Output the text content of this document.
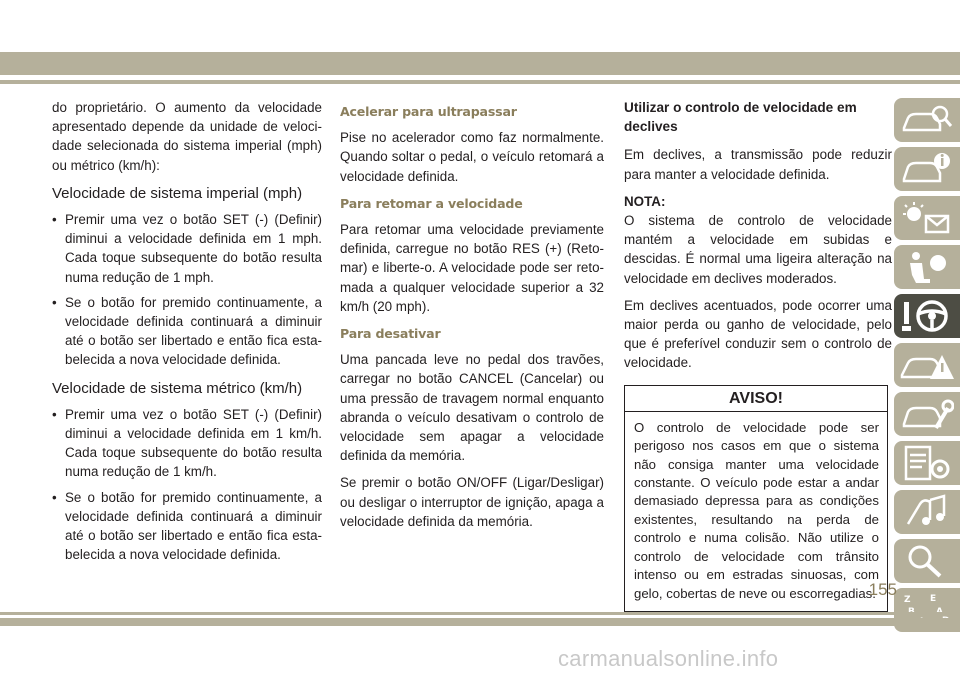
do proprietário. O aumento da velocidade apresentado depende da unidade de velocidade selecionada do sistema imperial (mph) ou métrico (km/h):

Velocidade de sistema imperial (mph)
• Premir uma vez o botão SET (-) (Definir) diminui a velocidade definida em 1 mph. Cada toque subsequente do botão resulta numa redução de 1 mph.
• Se o botão for premido continuamente, a velocidade definida continuará a diminuir até o botão ser libertado e então fica estabelecida a nova velocidade definida.
Velocidade de sistema métrico (km/h)
• Premir uma vez o botão SET (-) (Definir) diminui a velocidade definida em 1 km/h. Cada toque subsequente do botão resulta numa redução de 1 km/h.
• Se o botão for premido continuamente, a velocidade definida continuará a diminuir até o botão ser libertado e então fica estabelecida a nova velocidade definida.
Acelerar para ultrapassar

Pise no acelerador como faz normalmente. Quando soltar o pedal, o veículo retomará a velocidade definida.

Para retomar a velocidade

Para retomar uma velocidade previamente definida, carregue no botão RES (+) (Retomar) e liberte-o. A velocidade pode ser retomada a qualquer velocidade superior a 32 km/h (20 mph).

Para desativar

Uma pancada leve no pedal dos travões, carregar no botão CANCEL (Cancelar) ou uma pressão de travagem normal enquanto abranda o veículo desativam o controlo de velocidade sem apagar a velocidade definida da memória.

Se premir o botão ON/OFF (Ligar/Desligar) ou desligar o interruptor de ignição, apaga a velocidade definida da memória.

Utilizar o controlo de velocidade em declives

Em declives, a transmissão pode reduzir para manter a velocidade definida.

NOTA:
O sistema de controlo de velocidade mantém a velocidade em subidas e descidas. É normal uma ligeira alteração na velocidade em declives moderados.

Em declives acentuados, pode ocorrer uma maior perda ou ganho de velocidade, pelo que é preferível conduzir sem o controlo de velocidade.

AVISO!
O controlo de velocidade pode ser perigoso nos casos em que o sistema não consiga manter uma velocidade constante. O veículo pode estar a andar demasiado depressa para as condições existentes, resultando na perda de controlo e numa colisão. Não utilize o controlo de velocidade com trânsito intenso ou em estradas sinuosas, com gelo, cobertas de neve ou escorregadias.	Z E
155
carmanualsonline.info
